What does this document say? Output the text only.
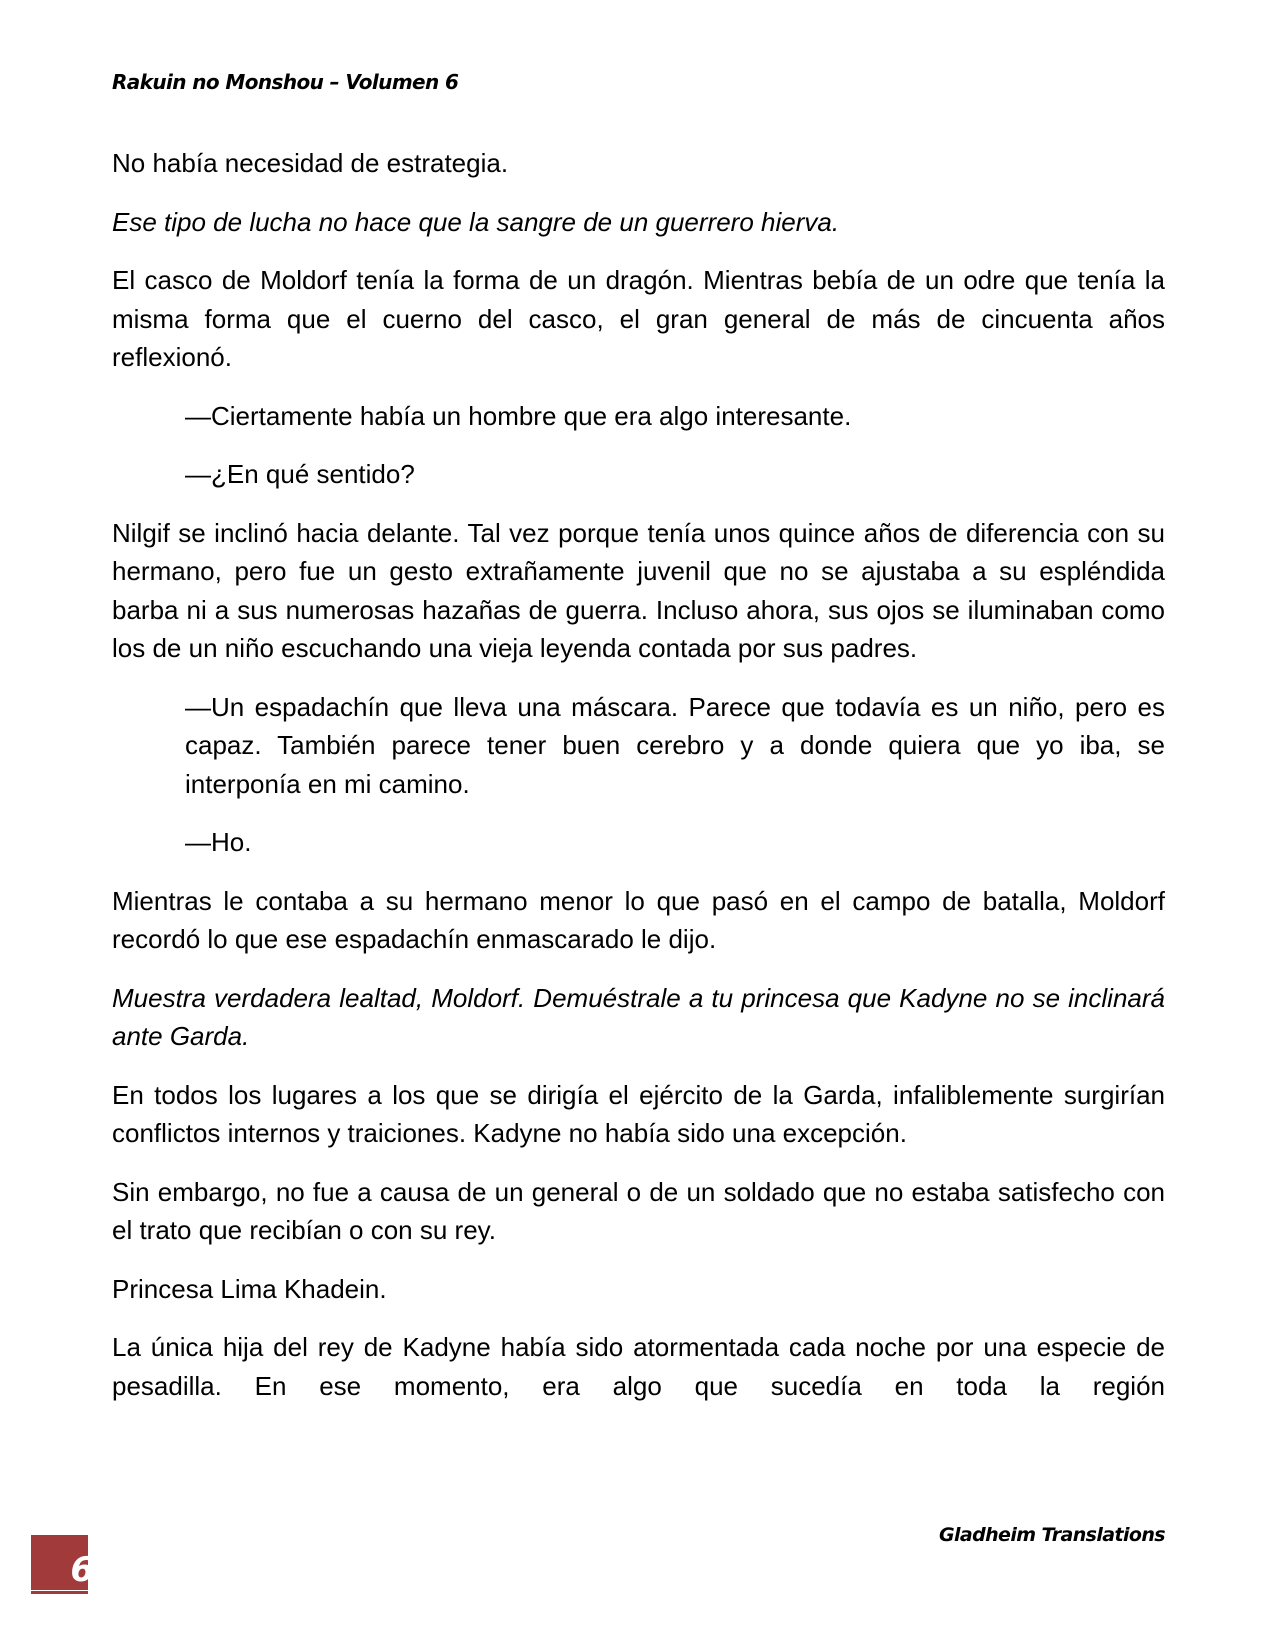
Rakuin no Monshou – Volumen 6

No había necesidad de estrategia.

Ese tipo de lucha no hace que la sangre de un guerrero hierva.

El casco de Moldorf tenía la forma de un dragón. Mientras bebía de un odre que tenía la misma forma que el cuerno del casco, el gran general de más de cincuenta años reflexionó.

—Ciertamente había un hombre que era algo interesante.

—¿En qué sentido?

Nilgif se inclinó hacia delante. Tal vez porque tenía unos quince años de diferencia con su hermano, pero fue un gesto extrañamente juvenil que no se ajustaba a su espléndida barba ni a sus numerosas hazañas de guerra. Incluso ahora, sus ojos se iluminaban como los de un niño escuchando una vieja leyenda contada por sus padres.

—Un espadachín que lleva una máscara. Parece que todavía es un niño, pero es capaz. También parece tener buen cerebro y a donde quiera que yo iba, se interponía en mi camino.

—Ho.

Mientras le contaba a su hermano menor lo que pasó en el campo de batalla, Moldorf recordó lo que ese espadachín enmascarado le dijo.

Muestra verdadera lealtad, Moldorf. Demuéstrale a tu princesa que Kadyne no se inclinará ante Garda.

En todos los lugares a los que se dirigía el ejército de la Garda, infaliblemente surgirían conflictos internos y traiciones. Kadyne no había sido una excepción.

Sin embargo, no fue a causa de un general o de un soldado que no estaba satisfecho con el trato que recibían o con su rey.

Princesa Lima Khadein.

La única hija del rey de Kadyne había sido atormentada cada noche por una especie de pesadilla. En ese momento, era algo que sucedía en toda la región

Gladheim Translations
6
